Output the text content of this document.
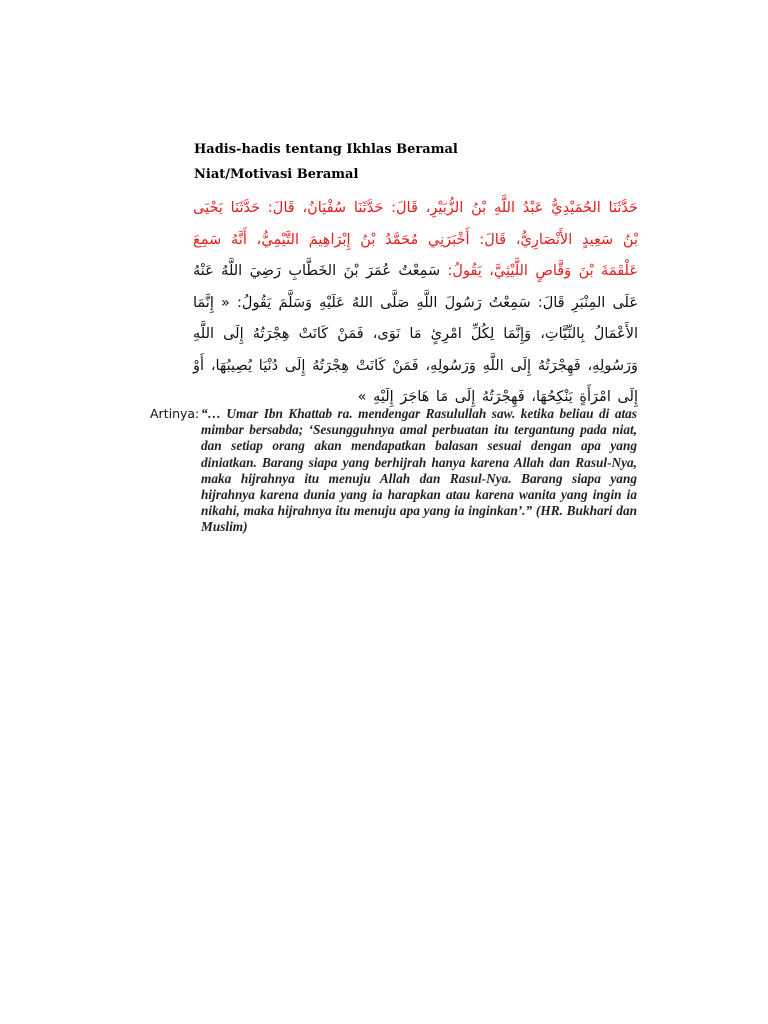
Hadis-hadis tentang Ikhlas Beramal
Niat/Motivasi Beramal
حَدَّثَنَا الحُمَيْدِيُّ عَبْدُ اللَّهِ بْنُ الزُّبَيْرِ، قَالَ: حَدَّثَنَا سُفْيَانُ، قَالَ: حَدَّثَنَا يَحْيَى بْنُ سَعِيدٍ الأَنْصَارِيُّ، قَالَ: أَخْبَرَنِي مُحَمَّدُ بْنُ إِبْرَاهِيمَ التَّيْمِيُّ، أَنَّهُ سَمِعَ عَلْقَمَةَ بْنَ وَقَّاصٍ اللَّيْثِيَّ، يَقُولُ: سَمِعْتُ عُمَرَ بْنَ الخَطَّابِ رَضِيَ اللَّهُ عَنْهُ عَلَى المِنْبَرِ قَالَ: سَمِعْتُ رَسُولَ اللَّهِ صَلَّى اللهُ عَلَيْهِ وَسَلَّمَ يَقُولُ: « إِنَّمَا الأَعْمَالُ بِالنِّيَّاتِ، وَإِنَّمَا لِكُلِّ امْرِئٍ مَا نَوَى، فَمَنْ كَانَتْ هِجْرَتُهُ إِلَى اللَّهِ وَرَسُولِهِ، فَهِجْرَتُهُ إِلَى اللَّهِ وَرَسُولِهِ، فَمَنْ كَانَتْ هِجْرَتُهُ إِلَى دُنْيَا يُصِيبُهَا، أَوْ إِلَى امْرَأَةٍ يَنْكِحُهَا، فَهِجْرَتُهُ إِلَى مَا هَاجَرَ إِلَيْهِ »
Artinya: “… Umar Ibn Khattab ra. mendengar Rasulullah saw. ketika beliau di atas mimbar bersabda; ‘Sesungguhnya amal perbuatan itu tergantung pada niat, dan setiap orang akan mendapatkan balasan sesuai dengan apa yang diniatkan. Barang siapa yang berhijrah hanya karena Allah dan Rasul-Nya, maka hijrahnya itu menuju Allah dan Rasul-Nya. Barang siapa yang hijrahnya karena dunia yang ia harapkan atau karena wanita yang ingin ia nikahi, maka hijrahnya itu menuju apa yang ia inginkan’.” (HR. Bukhari dan Muslim)
